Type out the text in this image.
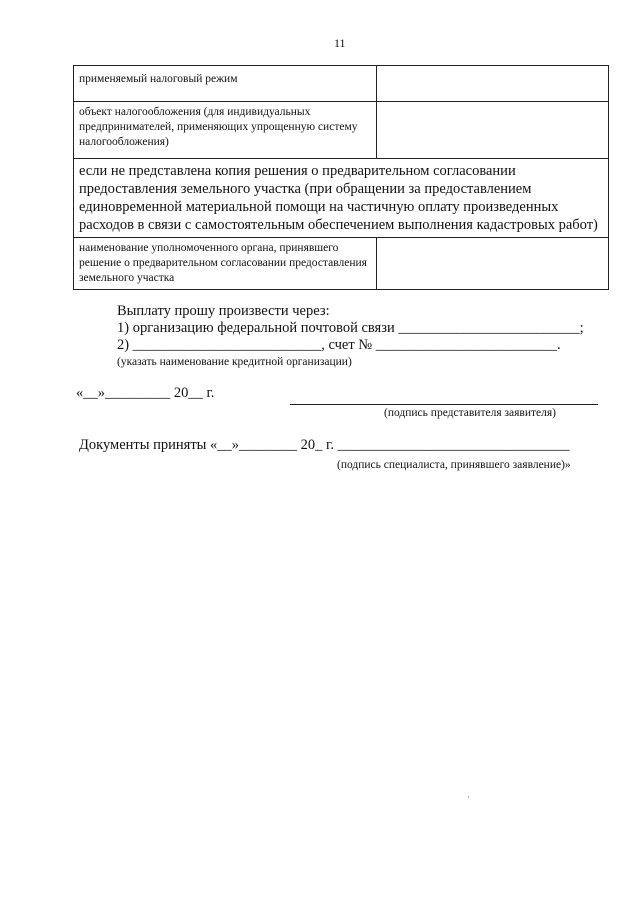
11
применяемый налоговый режим	
объект налогообложения (для индивидуальных предпринимателей, применяющих упрощенную систему налогообложения)	
если не представлена копия решения о предварительном согласовании предоставления земельного участка (при обращении за предоставлением единовременной материальной помощи на частичную оплату произведенных расходов в связи с самостоятельным обеспечением выполнения кадастровых работ)	
наименование уполномоченного органа, принявшего решение о предварительном согласовании предоставления земельного участка	
Выплату прошу произвести через:
1) организацию федеральной почтовой связи _________________________;
2) __________________________, счет № _________________________.
(указать наименование кредитной организации)
«__»_________ 20__ г.
(подпись представителя заявителя)
Документы приняты «__»________ 20_ г. ________________________________
(подпись специалиста, принявшего заявление)»
